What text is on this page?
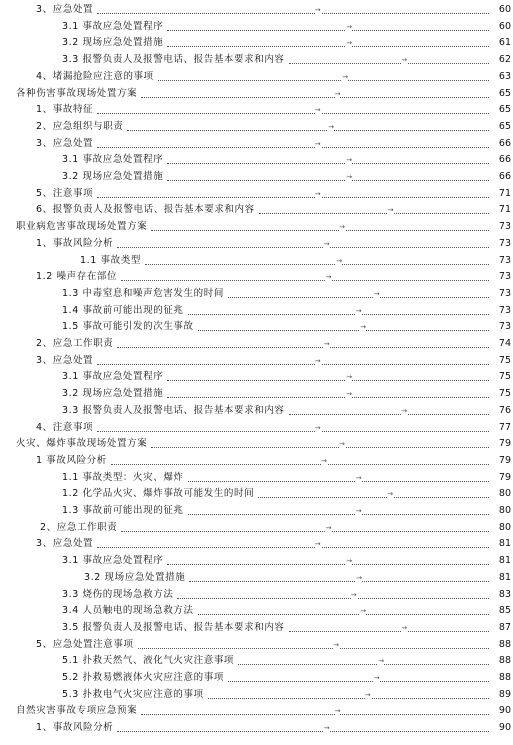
3、应急处置	→	60
3.1 事故应急处置程序	→	60
3.2 现场应急处置措施	→	61
3.3 报警负责人及报警电话、报告基本要求和内容	→	62
4、堵漏抢险应注意的事项	→	63
各种伤害事故现场处置方案	→	65
1、事故特征	→	65
2、应急组织与职责	→	65
3、应急处置	→	66
3.1 事故应急处置程序	→	66
3.2 现场应急处置措施	→	66
5、注意事项	→	71
6、报警负责人及报警电话、报告基本要求和内容	→	71
职业病危害事故现场处置方案	→	73
1、事故风险分析	→	73
1.1 事故类型	→	73
1.2 噪声存在部位	→	73
1.3 中毒窒息和噪声危害发生的时间	→	73
1.4 事故前可能出现的征兆	→	73
1.5 事故可能引发的次生事故	→	73
2、应急工作职责	→	74
3、应急处置	→	75
3.1 事故应急处置程序	→	75
3.2 现场应急处置措施	→	75
3.3 报警负责人及报警电话、报告基本要求和内容	→	76
4、注意事项	→	77
火灾、爆炸事故现场处置方案	→	79
1 事故风险分析	→	79
1.1 事故类型：火灾、爆炸	→	79
1.2 化学品火灾、爆炸事故可能发生的时间	→	80
1.3 事故前可能出现的征兆	→	80
2、应急工作职责	→	80
3、应急处置	→	81
3.1 事故应急处置程序	→	81
3.2 现场应急处置措施	→	81
3.3 烧伤的现场急救方法	→	83
3.4 人员触电的现场急救方法	→	85
3.5 报警负责人及报警电话、报告基本要求和内容	→	87
5、应急处置注意事项	→	88
5.1 扑救天然气、液化气火灾注意事项	→	88
5.2 扑救易燃液体火灾应注意的事项	→	88
5.3 扑救电气火灾应注意的事项	→	89
自然灾害事故专项应急预案	→	90
1、事故风险分析	→	90
